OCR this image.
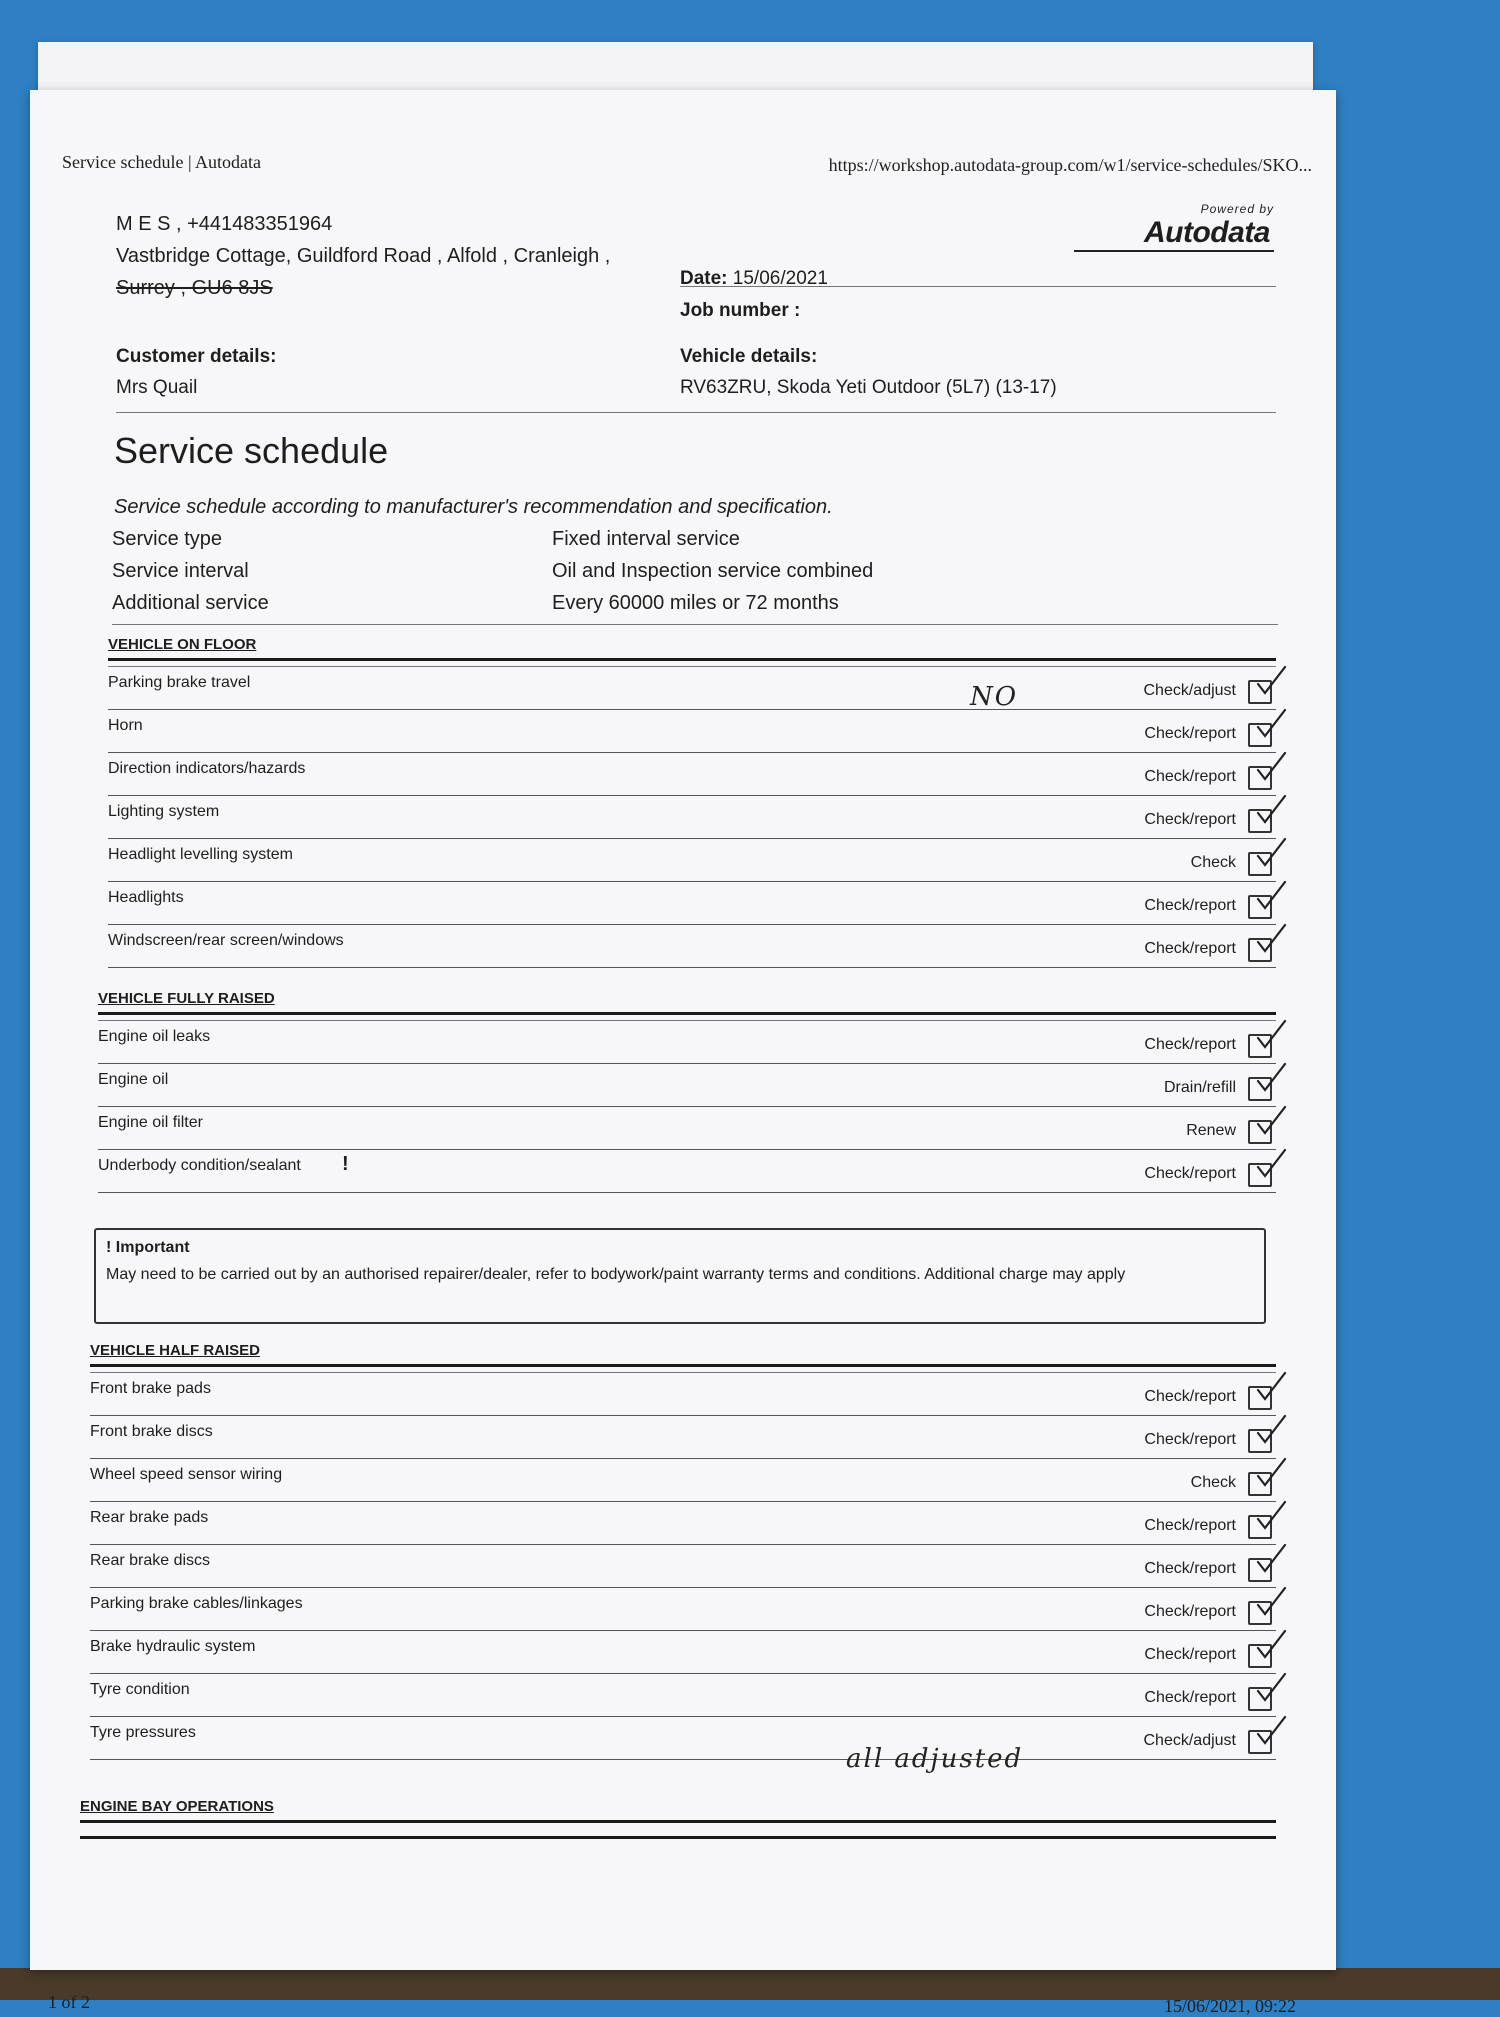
Service schedule | Autodata	https://workshop.autodata-group.com/w1/service-schedules/SKO...
M E S , +441483351964
Vastbridge Cottage, Guildford Road , Alfold , Cranleigh ,
Surrey , GU6 8JS
Powered by
Autodata
Date: 15/06/2021
Job number :
Customer details:
Mrs Quail
Vehicle details:
RV63ZRU, Skoda Yeti Outdoor (5L7) (13-17)
Service schedule
Service schedule according to manufacturer's recommendation and specification.
Service type	Fixed interval service
Service interval	Oil and Inspection service combined
Additional service	Every 60000 miles or 72 months
VEHICLE ON FLOOR
Parking brake travel	Check/adjust
Horn	Check/report
Direction indicators/hazards	Check/report
Lighting system	Check/report
Headlight levelling system	Check
Headlights	Check/report
Windscreen/rear screen/windows	Check/report
VEHICLE FULLY RAISED
Engine oil leaks	Check/report
Engine oil	Drain/refill
Engine oil filter	Renew
Underbody condition/sealant !	Check/report
! Important
May need to be carried out by an authorised repairer/dealer, refer to bodywork/paint warranty terms and conditions. Additional charge may apply
VEHICLE HALF RAISED
Front brake pads	Check/report
Front brake discs	Check/report
Wheel speed sensor wiring	Check
Rear brake pads	Check/report
Rear brake discs	Check/report
Parking brake cables/linkages	Check/report
Brake hydraulic system	Check/report
Tyre condition	Check/report
Tyre pressures	Check/adjust
ENGINE BAY OPERATIONS
NO
all adjusted
1 of 2	15/06/2021, 09:22
